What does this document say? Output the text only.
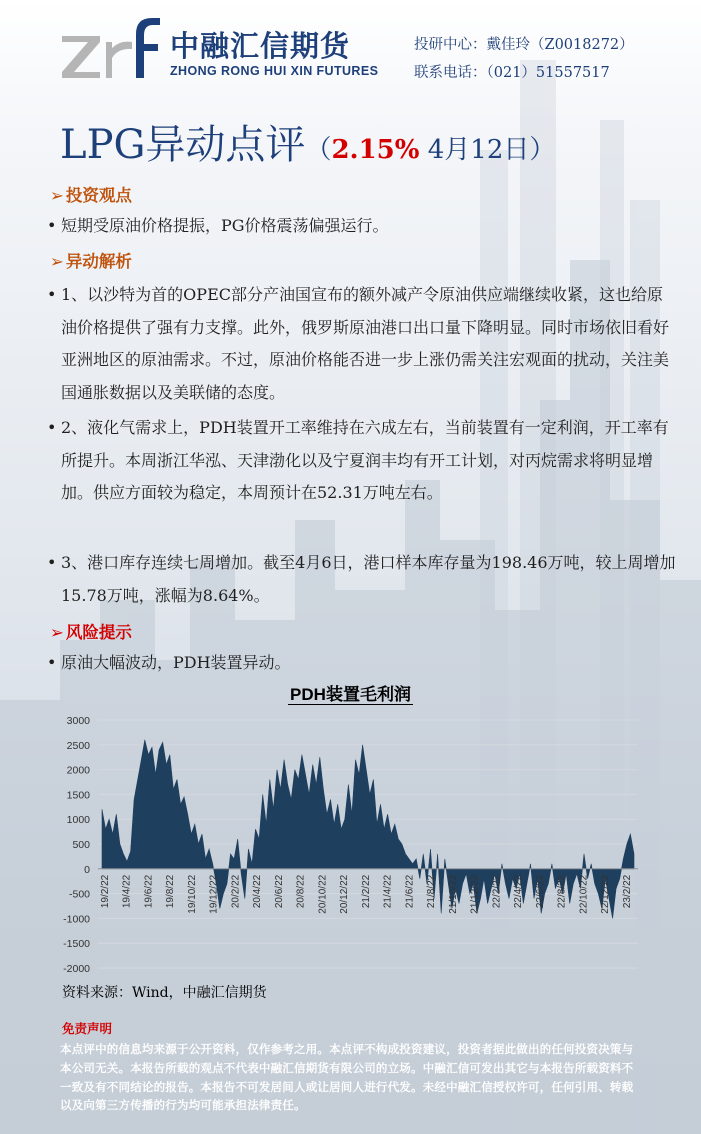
中融汇信期货
ZHONG RONG HUI XIN FUTURES
投研中心：戴佳玲（Z0018272）
联系电话：（021）51557517
LPG异动点评（2.15% 4月12日）
➢ 投资观点
• 短期受原油价格提振，PG价格震荡偏强运行。
➢ 异动解析
• 1、以沙特为首的OPEC部分产油国宣布的额外减产令原油供应端继续收紧，这也给原油价格提供了强有力支撑。此外，俄罗斯原油港口出口量下降明显。同时市场依旧看好亚洲地区的原油需求。不过，原油价格能否进一步上涨仍需关注宏观面的扰动，关注美国通胀数据以及美联储的态度。
• 2、液化气需求上，PDH装置开工率维持在六成左右，当前装置有一定利润，开工率有所提升。本周浙江华泓、天津渤化以及宁夏润丰均有开工计划，对丙烷需求将明显增加。供应方面较为稳定，本周预计在52.31万吨左右。
• 3、港口库存连续七周增加。截至4月6日，港口样本库存量为198.46万吨，较上周增加15.78万吨，涨幅为8.64%。
➢ 风险提示
• 原油大幅波动，PDH装置异动。
PDH装置毛利润
3000
2500
2000
1500
1000
500
0
-500
-1000
-1500
-2000
19/2/22 19/4/22 19/6/22 19/8/22 19/10/22 19/12/22 20/2/22 20/4/22 20/6/22 20/8/22 20/10/22 20/12/22 21/2/22 21/4/22 21/6/22 21/8/22 21/10/22 21/12/22 22/2/22 22/4/22 22/6/22 22/8/22 22/10/22 22/12/22 23/2/22
资料来源：Wind，中融汇信期货
免责声明
本点评中的信息均来源于公开资料，仅作参考之用。本点评不构成投资建议，投资者据此做出的任何投资决策与本公司无关。本报告所载的观点不代表中融汇信期货有限公司的立场。中融汇信可发出其它与本报告所载资料不一致及有不同结论的报告。本报告不可发居间人或让居间人进行代发。未经中融汇信授权许可，任何引用、转载以及向第三方传播的行为均可能承担法律责任。
